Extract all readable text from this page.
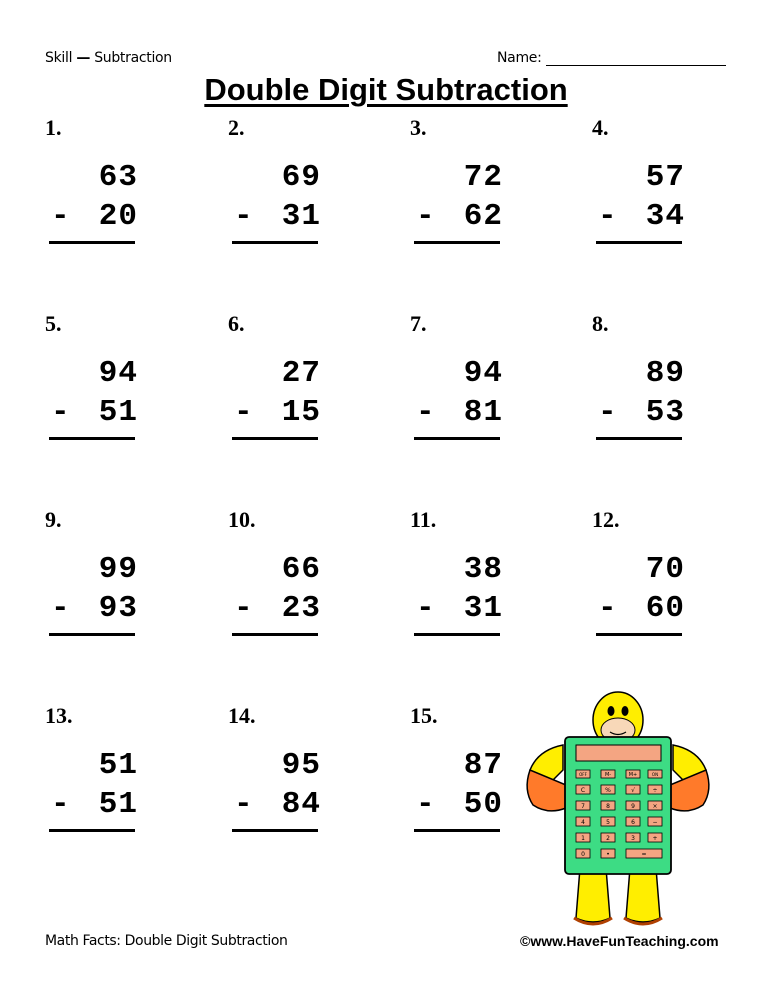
Skill — Subtraction	Name:
Double Digit Subtraction
1.
63
- 20
2.
69
- 31
3.
72
- 62
4.
57
- 34
5.
94
- 51
6.
27
- 15
7.
94
- 81
8.
89
- 53
9.
99
- 93
10.
66
- 23
11.
38
- 31
12.
70
- 60
13.
51
- 51
14.
95
- 84
15.
87
- 50
OFF	M-	M+	ON
C	%	√	÷
7	8	9	×
4	5	6	−
1	2	3	+
0	•	=
Math Facts: Double Digit Subtraction	©www.HaveFunTeaching.com
